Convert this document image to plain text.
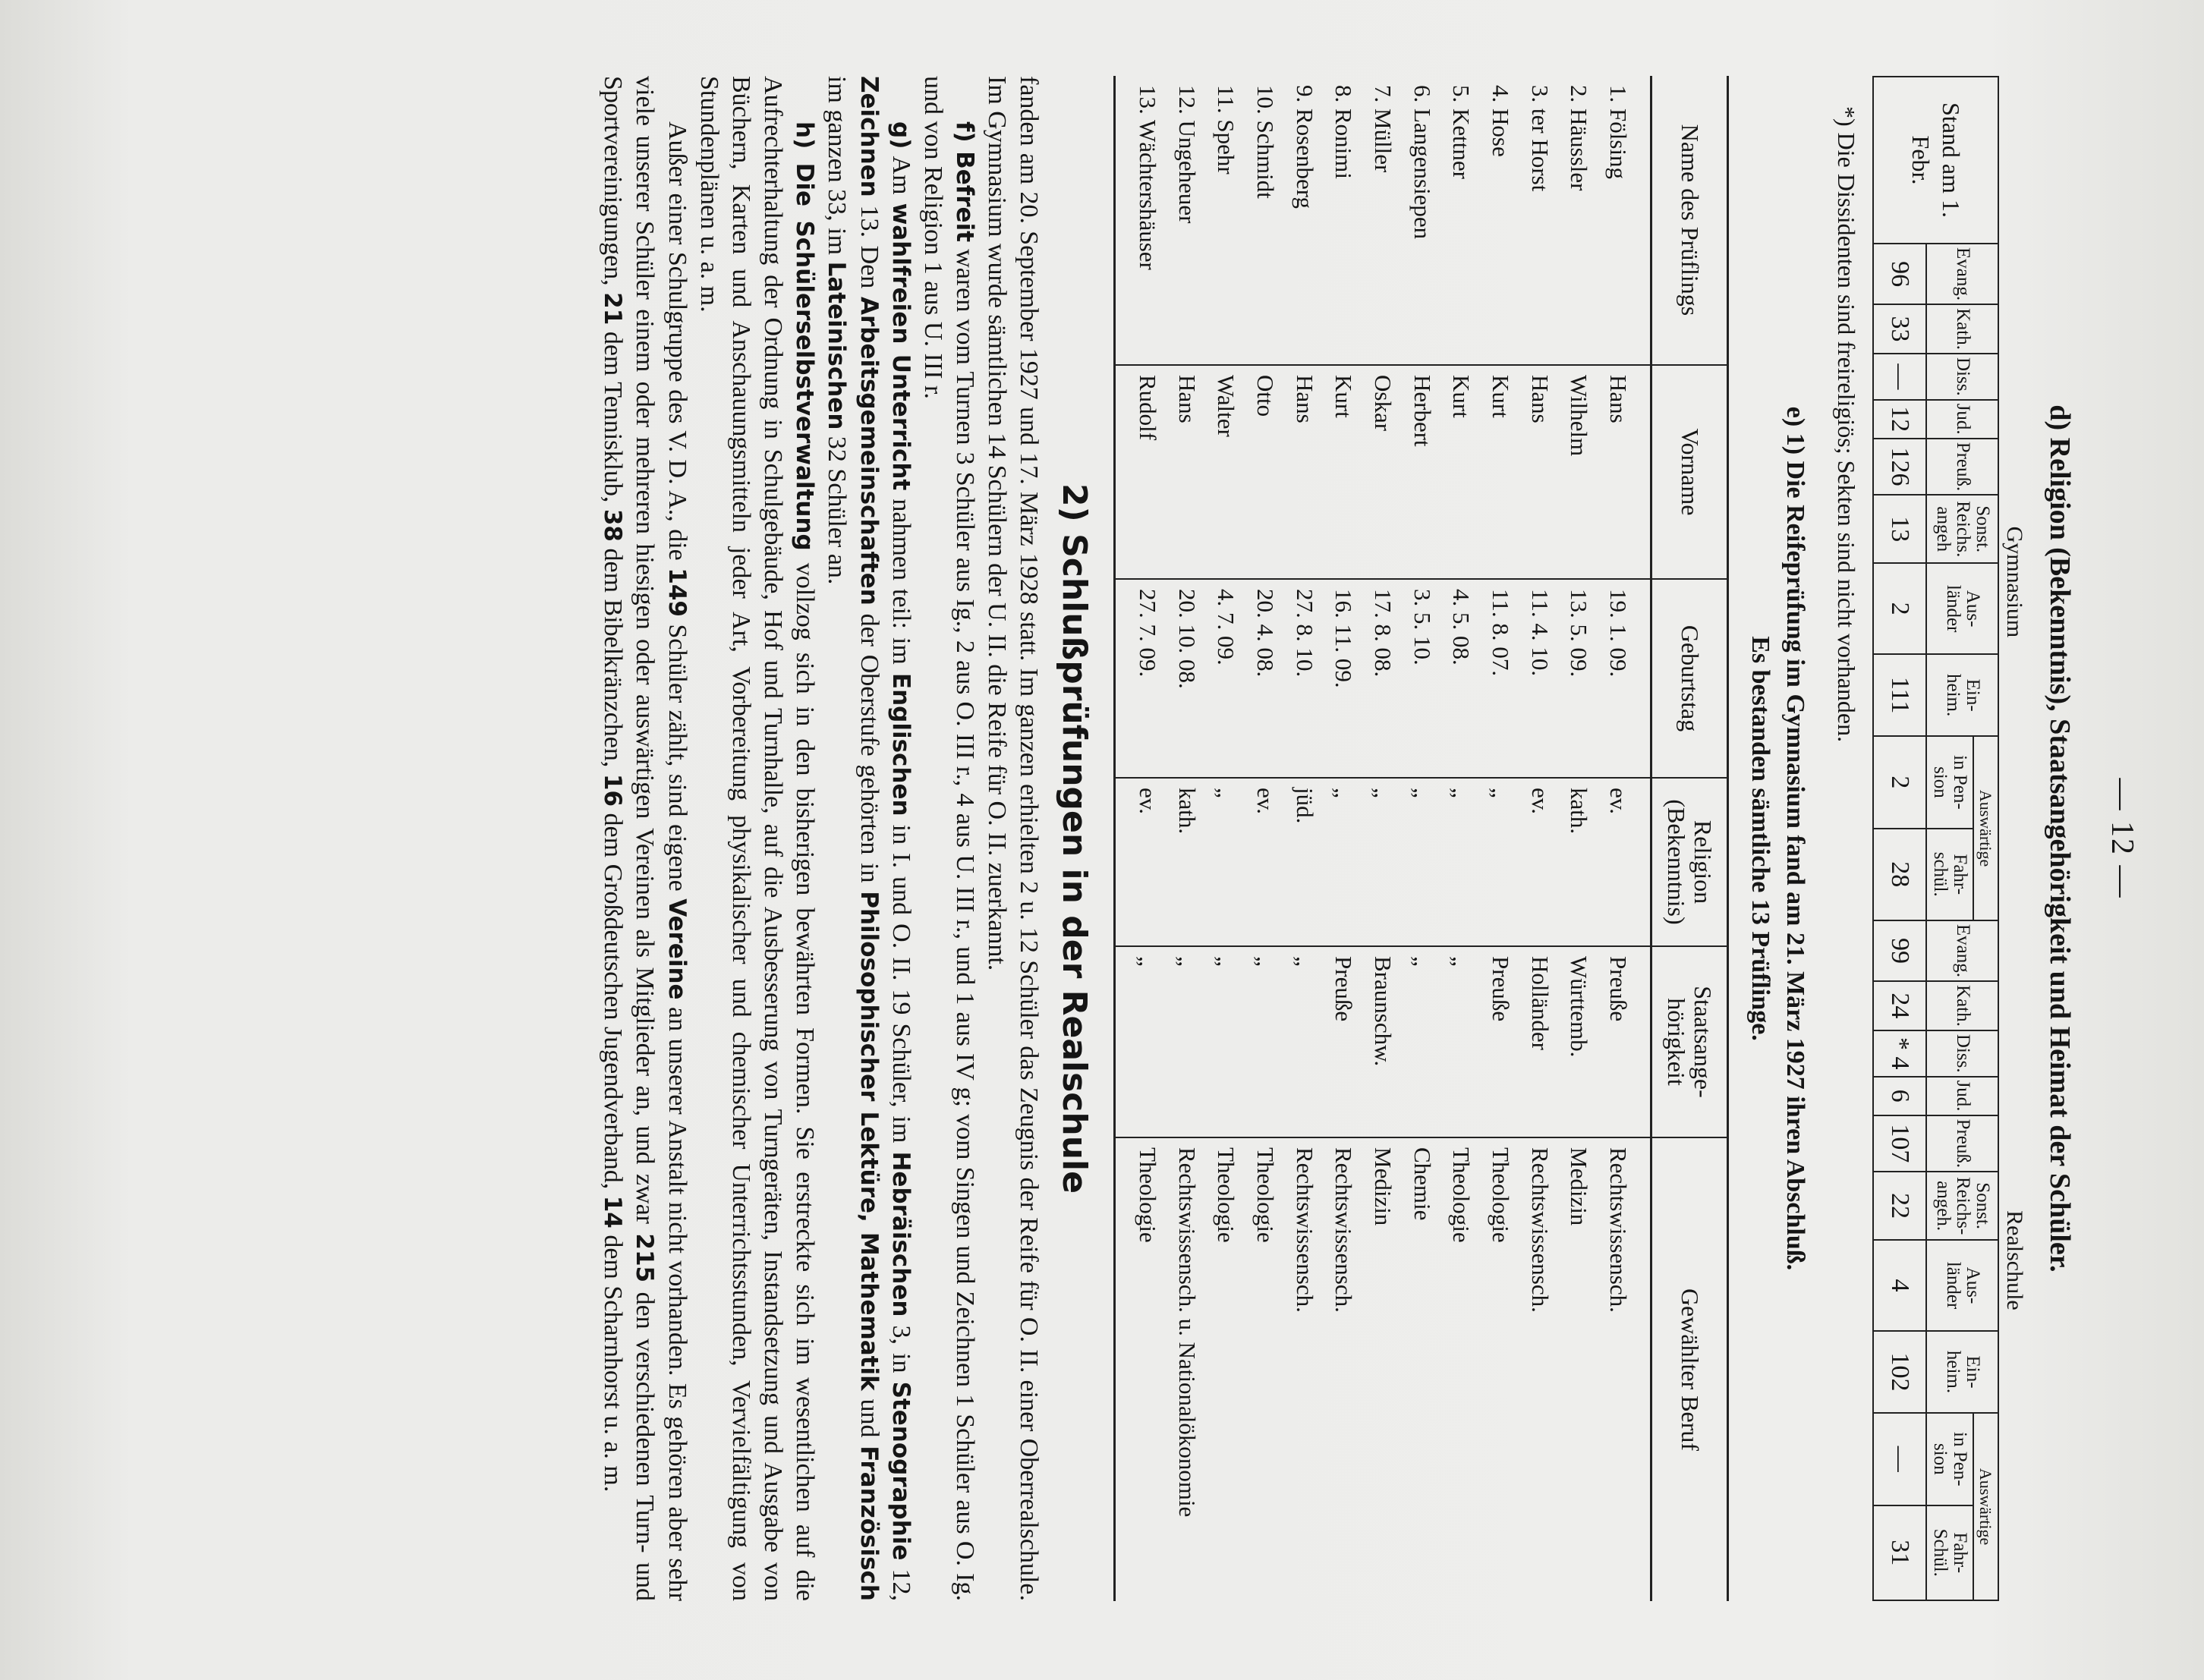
— 12 —
d) Religion (Bekenntnis), Staatsangehörigkeit und Heimat der Schüler.
	Gymnasium										Realschule									
Stand am 1. Febr.	Evang.	Kath.	Diss.	Jud.	Preuß.	Sonst. Reichs. angeh	Aus-länder	Ein-heim.	Auswärtige		Evang.	Kath.	Diss.	Jud.	Preuß.	Sonst. Reichs-angeh.	Aus-länder	Ein-heim.	Auswärtige	
									in Pen-sion	Fahr-schül.									in Pen-sion	Fahr-Schül.
	96	33	—	12	126	13	2	111	2	28	99	24	* 4	6	107	22	4	102	—	31
*) Die Dissidenten sind freireligiös; Sekten sind nicht vorhanden.
e) 1) Die Reifeprüfung im Gymnasium fand am 21. März 1927 ihren Abschluß.
Es bestanden sämtliche 13 Prüflinge.
Name des Prüflings	Vorname	Geburtstag	Religion (Bekenntnis)	Staatsange-hörigkeit	Gewählter Beruf
1. Fölsing	Hans	19. 1. 09.	ev.	Preuße	Rechtswissensch.
2. Häussler	Wilhelm	13. 5. 09.	kath.	Württemb.	Medizin
3. ter Horst	Hans	11. 4. 10.	ev.	Holländer	Rechtswissensch.
4. Hose	Kurt	11. 8. 07.	„	Preuße	Theologie
5. Kettner	Kurt	4. 5. 08.	„	„	Theologie
6. Langensiepen	Herbert	3. 5. 10.	„	„	Chemie
7. Müller	Oskar	17. 8. 08.	„	Braunschw.	Medizin
8. Ronimi	Kurt	16. 11. 09.	„	Preuße	Rechtswissensch.
9. Rosenberg	Hans	27. 8. 10.	jüd.	„	Rechtswissensch.
10. Schmidt	Otto	20. 4. 08.	ev.	„	Theologie
11. Spehr	Walter	4. 7. 09.	„	„	Theologie
12. Ungeheuer	Hans	20. 10. 08.	kath.	„	Rechtswissensch. u. Nationalökonomie
13. Wächtershäuser	Rudolf	27. 7. 09.	ev.	„	Theologie
2) Schlußprüfungen in der Realschule

fanden am 20. September 1927 und 17. März 1928 statt. Im ganzen erhielten 2 u. 12 Schüler das Zeugnis der Reife für O. II. einer Oberrealschule. Im Gymnasium wurde sämtlichen 14 Schülern der U. II. die Reife für O. II. zuerkannt.

f) Befreit waren vom Turnen 3 Schüler aus Ig., 2 aus O. III r., 4 aus U. III r., und 1 aus IV g; vom Singen und Zeichnen 1 Schüler aus O. Ig. und von Religion 1 aus U. III r.

g) Am wahlfreien Unterricht nahmen teil: im Englischen in I. und O. II. 19 Schüler, im Hebräischen 3, in Stenographie 12, Zeichnen 13. Den Arbeitsgemeinschaften der Oberstufe gehörten in Philosophischer Lektüre, Mathematik und Französisch im ganzen 33, im Lateinischen 32 Schüler an.

h) Die Schülerselbstverwaltung vollzog sich in den bisherigen bewährten Formen. Sie erstreckte sich im wesentlichen auf die Aufrechterhaltung der Ordnung in Schulgebäude, Hof und Turnhalle, auf die Ausbesserung von Turngeräten, Instandsetzung und Ausgabe von Büchern, Karten und Anschauungsmitteln jeder Art, Vorbereitung physikalischer und chemischer Unterrichtsstunden, Vervielfältigung von Stundenplänen u. a. m.

Außer einer Schulgruppe des V. D. A., die 149 Schüler zählt, sind eigene Vereine an unserer Anstalt nicht vorhanden. Es gehören aber sehr viele unserer Schüler einem oder mehreren hiesigen oder auswärtigen Vereinen als Mitglieder an, und zwar 215 den verschiedenen Turn- und Sportvereinigungen, 21 dem Tennisklub, 38 dem Bibelkränzchen, 16 dem Großdeutschen Jugendverband, 14 dem Scharnhorst u. a. m.
